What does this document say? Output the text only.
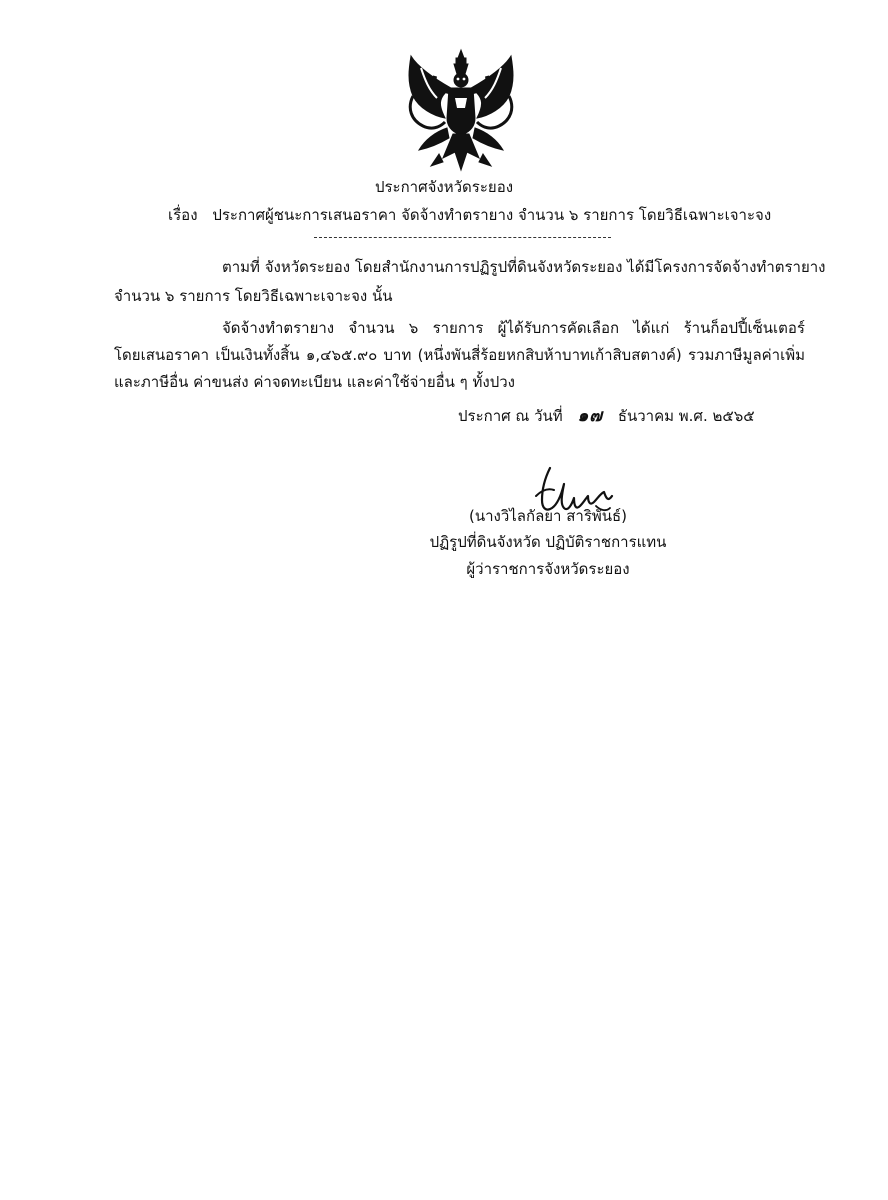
ประกาศจังหวัดระยอง
เรื่อง ประกาศผู้ชนะการเสนอราคา จัดจ้างทำตรายาง จำนวน ๖ รายการ โดยวิธีเฉพาะเจาะจง
ตามที่ จังหวัดระยอง โดยสำนักงานการปฏิรูปที่ดินจังหวัดระยอง ได้มีโครงการจัดจ้างทำตรายาง
จำนวน ๖ รายการ โดยวิธีเฉพาะเจาะจง นั้น
จัดจ้างทำตรายาง จำนวน ๖ รายการ ผู้ได้รับการคัดเลือก ได้แก่ ร้านก็อปปี้เซ็นเตอร์
โดยเสนอราคา เป็นเงินทั้งสิ้น ๑,๔๖๕.๙๐ บาท (หนึ่งพันสี่ร้อยหกสิบห้าบาทเก้าสิบสตางค์) รวมภาษีมูลค่าเพิ่ม
และภาษีอื่น ค่าขนส่ง ค่าจดทะเบียน และค่าใช้จ่ายอื่น ๆ ทั้งปวง
ประกาศ ณ วันที่ ๑๗ ธันวาคม พ.ศ. ๒๕๖๕
(นางวิไลกัลยา สาริพันธ์)
ปฏิรูปที่ดินจังหวัด ปฏิบัติราชการแทน
ผู้ว่าราชการจังหวัดระยอง
